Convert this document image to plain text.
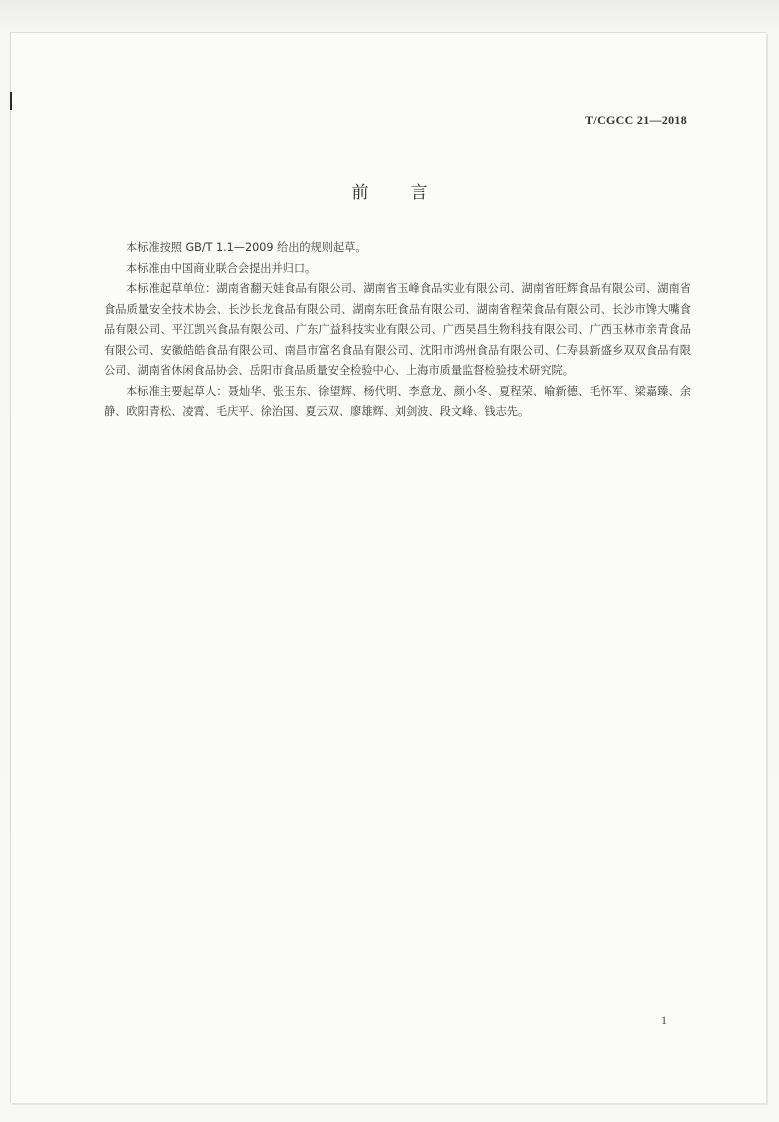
T/CGCC 21—2018
前言

本标准按照 GB/T 1.1—2009 给出的规则起草。

本标准由中国商业联合会提出并归口。

本标准起草单位：湖南省翻天娃食品有限公司、湖南省玉峰食品实业有限公司、湖南省旺辉食品有限公司、湖南省食品质量安全技术协会、长沙长龙食品有限公司、湖南东旺食品有限公司、湖南省程荣食品有限公司、长沙市馋大嘴食品有限公司、平江凯兴食品有限公司、广东广益科技实业有限公司、广西昊昌生物科技有限公司、广西玉林市亲青食品有限公司、安徽皓皓食品有限公司、南昌市富名食品有限公司、沈阳市鸿州食品有限公司、仁寿县新盛乡双双食品有限公司、湖南省休闲食品协会、岳阳市食品质量安全检验中心、上海市质量监督检验技术研究院。

本标准主要起草人：聂灿华、张玉东、徐望辉、杨代明、李意龙、颜小冬、夏程荣、喻新德、毛怀军、梁嘉臻、余静、欧阳青松、凌霄、毛庆平、徐治国、夏云双、廖雄辉、刘剑波、段文峰、钱志先。

1
